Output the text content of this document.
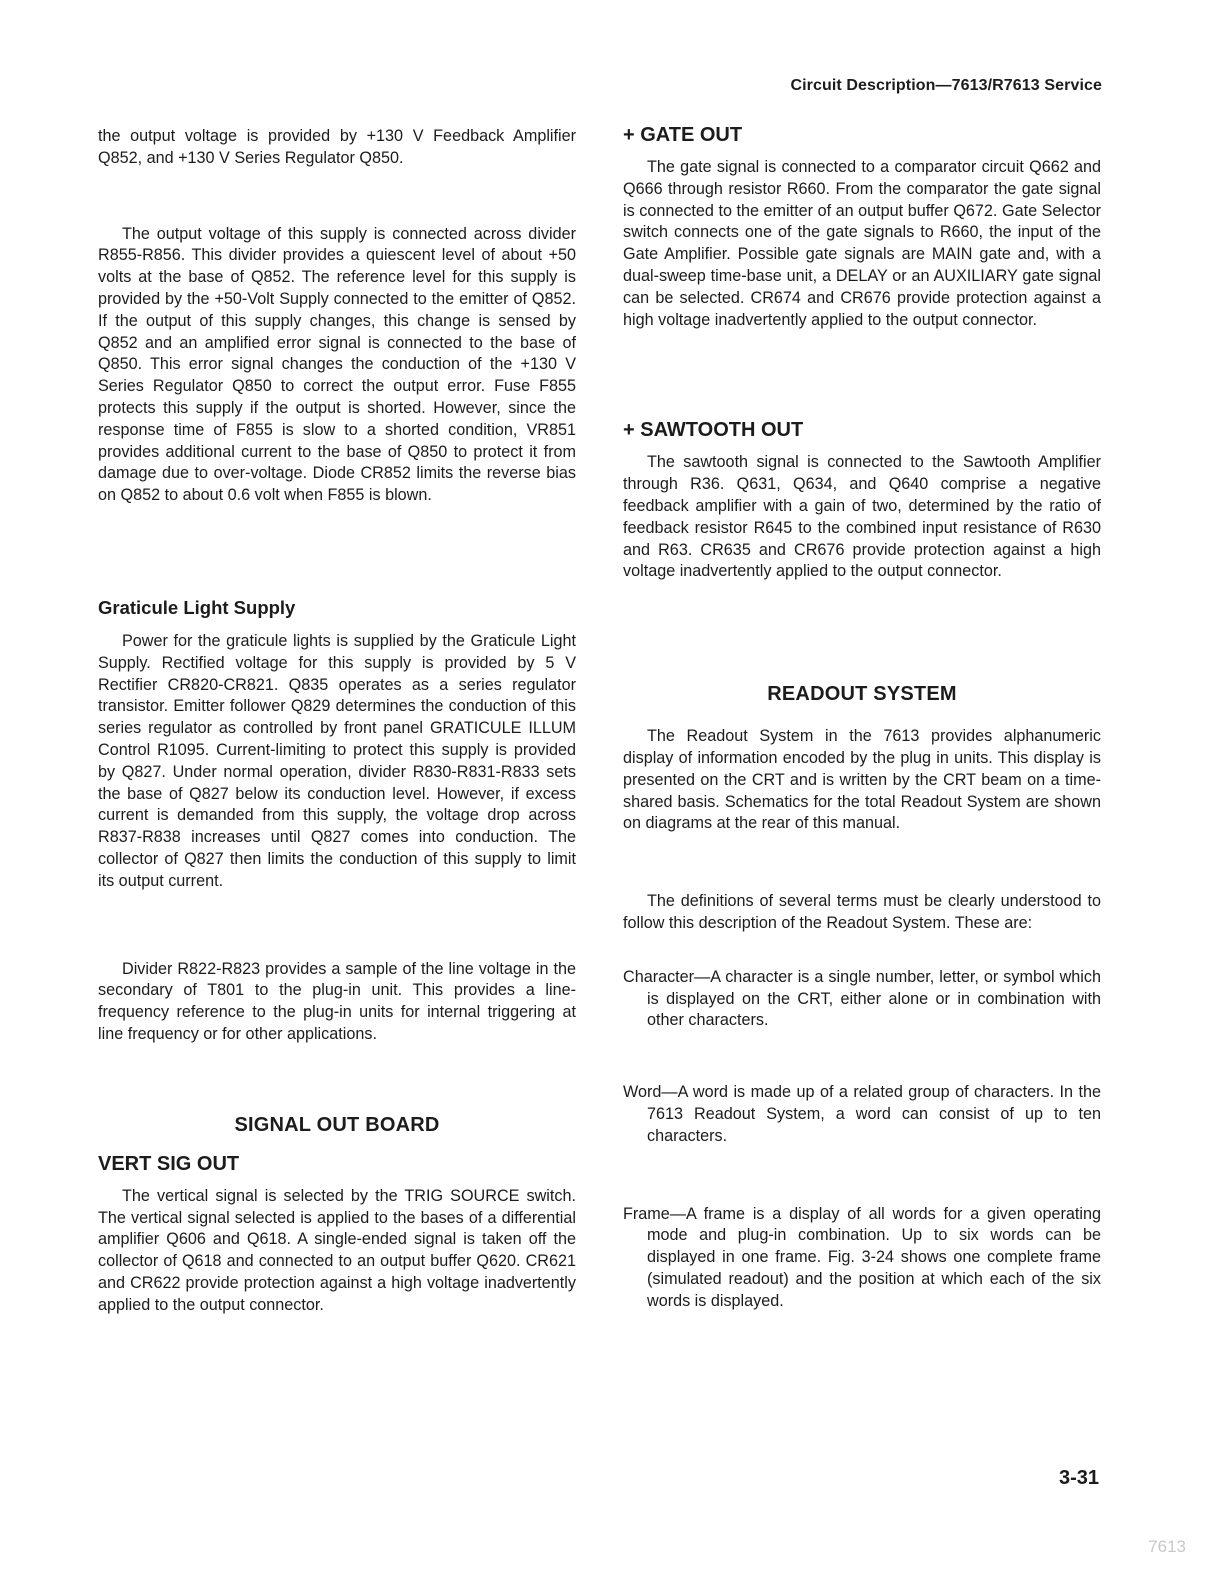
Circuit Description—7613/R7613 Service

the output voltage is provided by +130 V Feedback Amplifier Q852, and +130 V Series Regulator Q850.

The output voltage of this supply is connected across divider R855-R856. This divider provides a quiescent level of about +50 volts at the base of Q852. The reference level for this supply is provided by the +50-Volt Supply connected to the emitter of Q852. If the output of this supply changes, this change is sensed by Q852 and an amplified error signal is connected to the base of Q850. This error signal changes the conduction of the +130 V Series Regulator Q850 to correct the output error. Fuse F855 protects this supply if the output is shorted. However, since the response time of F855 is slow to a shorted condition, VR851 provides additional current to the base of Q850 to protect it from damage due to over-voltage. Diode CR852 limits the reverse bias on Q852 to about 0.6 volt when F855 is blown.

Graticule Light Supply

Power for the graticule lights is supplied by the Graticule Light Supply. Rectified voltage for this supply is provided by 5 V Rectifier CR820-CR821. Q835 operates as a series regulator transistor. Emitter follower Q829 determines the conduction of this series regulator as controlled by front panel GRATICULE ILLUM Control R1095. Current-limiting to protect this supply is provided by Q827. Under normal operation, divider R830-R831-R833 sets the base of Q827 below its conduction level. However, if excess current is demanded from this supply, the voltage drop across R837-R838 increases until Q827 comes into conduction. The collector of Q827 then limits the conduction of this supply to limit its output current.

Divider R822-R823 provides a sample of the line voltage in the secondary of T801 to the plug-in unit. This provides a line-frequency reference to the plug-in units for internal triggering at line frequency or for other applications.

SIGNAL OUT BOARD
VERT SIG OUT

The vertical signal is selected by the TRIG SOURCE switch. The vertical signal selected is applied to the bases of a differential amplifier Q606 and Q618. A single-ended signal is taken off the collector of Q618 and connected to an output buffer Q620. CR621 and CR622 provide protection against a high voltage inadvertently applied to the output connector.

+ GATE OUT

The gate signal is connected to a comparator circuit Q662 and Q666 through resistor R660. From the comparator the gate signal is connected to the emitter of an output buffer Q672. Gate Selector switch connects one of the gate signals to R660, the input of the Gate Amplifier. Possible gate signals are MAIN gate and, with a dual-sweep time-base unit, a DELAY or an AUXILIARY gate signal can be selected. CR674 and CR676 provide protection against a high voltage inadvertently applied to the output connector.

+ SAWTOOTH OUT

The sawtooth signal is connected to the Sawtooth Amplifier through R36. Q631, Q634, and Q640 comprise a negative feedback amplifier with a gain of two, determined by the ratio of feedback resistor R645 to the combined input resistance of R630 and R63. CR635 and CR676 provide protection against a high voltage inadvertently applied to the output connector.

READOUT SYSTEM

The Readout System in the 7613 provides alphanumeric display of information encoded by the plug in units. This display is presented on the CRT and is written by the CRT beam on a time-shared basis. Schematics for the total Readout System are shown on diagrams at the rear of this manual.

The definitions of several terms must be clearly understood to follow this description of the Readout System. These are:

Character—A character is a single number, letter, or symbol which is displayed on the CRT, either alone or in combination with other characters.

Word—A word is made up of a related group of characters. In the 7613 Readout System, a word can consist of up to ten characters.

Frame—A frame is a display of all words for a given operating mode and plug-in combination. Up to six words can be displayed in one frame. Fig. 3-24 shows one complete frame (simulated readout) and the position at which each of the six words is displayed.

3-31
7613
